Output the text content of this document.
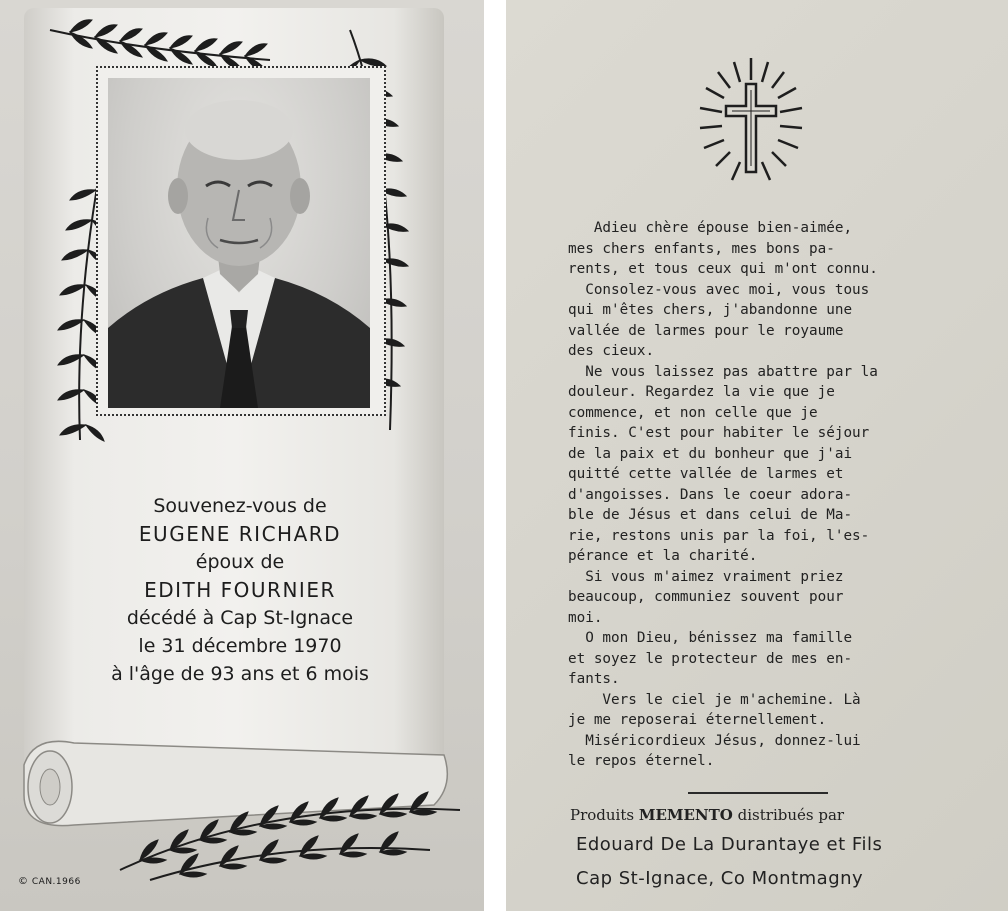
Souvenez-vous de
EUGENE RICHARD
époux de
EDITH FOURNIER
décédé à Cap St-Ignace
le 31 décembre 1970
à l'âge de 93 ans et 6 mois
© CAN.1966
Adieu chère épouse bien-aimée,
mes chers enfants, mes bons pa-
rents, et tous ceux qui m'ont connu.
Consolez-vous avec moi, vous tous
qui m'êtes chers, j'abandonne une
vallée de larmes pour le royaume
des cieux.
Ne vous laissez pas abattre par la
douleur. Regardez la vie que je
commence, et non celle que je
finis. C'est pour habiter le séjour
de la paix et du bonheur que j'ai
quitté cette vallée de larmes et
d'angoisses. Dans le coeur adora-
ble de Jésus et dans celui de Ma-
rie, restons unis par la foi, l'es-
pérance et la charité.
Si vous m'aimez vraiment priez
beaucoup, communiez souvent pour
moi.
O mon Dieu, bénissez ma famille
et soyez le protecteur de mes en-
fants.
Vers le ciel je m'achemine. Là
je me reposerai éternellement.
Miséricordieux Jésus, donnez-lui
le repos éternel.
Produits MEMENTO distribués par
Edouard De La Durantaye et Fils
Cap St-Ignace, Co Montmagny
